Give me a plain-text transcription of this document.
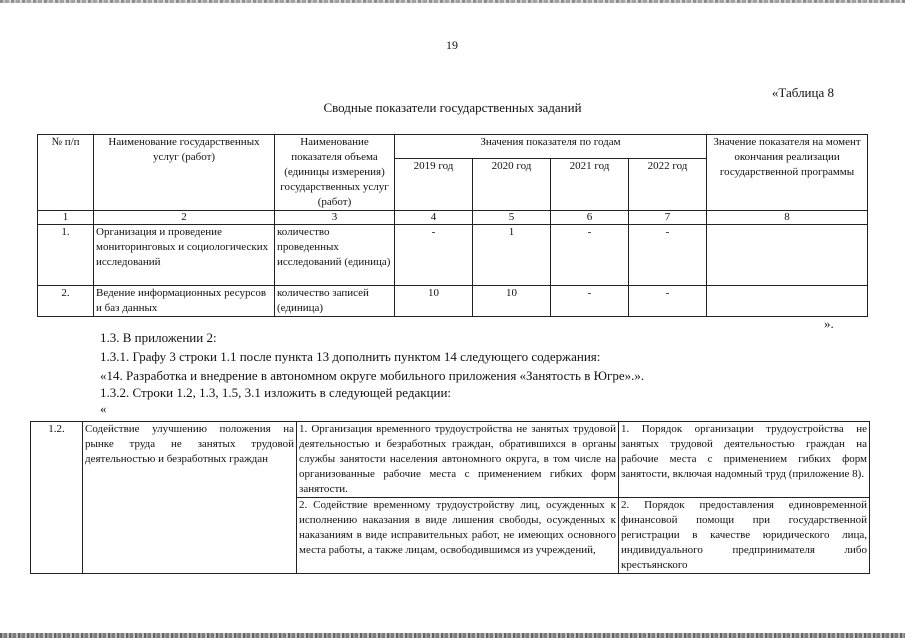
19
«Таблица 8
Сводные показатели государственных заданий
№ п/п	Наименование государственных услуг (работ)	Наименование показателя объема (единицы измерения) государственных услуг (работ)	Значения показателя по годам				Значение показателя на момент окончания реализации государственной программы
			2019 год	2020 год	2021 год	2022 год	
1	2	3	4	5	6	7	8
1.	Организация и проведение мониторинговых и социологических исследований	количество проведенных исследований (единица)	-	1	-	-	
2.	Ведение информационных ресурсов и баз данных	количество записей (единица)	10	10	-	-	
».
1.3. В приложении 2:
1.3.1. Графу 3 строки 1.1 после пункта 13 дополнить пунктом 14 следующего содержания:
«14. Разработка и внедрение в автономном округе мобильного приложения «Занятость в Югре».».
1.3.2. Строки 1.2, 1.3, 1.5, 3.1 изложить в следующей редакции:
«
1.2.	Содействие улучшению положения на рынке труда не занятых трудовой деятельностью и безработных граждан	1. Организация временного трудоустройства не занятых трудовой деятельностью и безработных граждан, обратившихся в органы службы занятости населения автономного округа, в том числе на организованные рабочие места с применением гибких форм занятости.	1. Порядок организации трудоустройства не занятых трудовой деятельностью граждан на рабочие места с применением гибких форм занятости, включая надомный труд (приложение 8).
		2. Содействие временному трудоустройству лиц, осужденных к исполнению наказания в виде лишения свободы, осужденных к наказаниям в виде исправительных работ, не имеющих основного места работы, а также лицам, освободившимся из учреждений,	2. Порядок предоставления единовременной финансовой помощи при государственной регистрации в качестве юридического лица, индивидуального предпринимателя либо крестьянского
